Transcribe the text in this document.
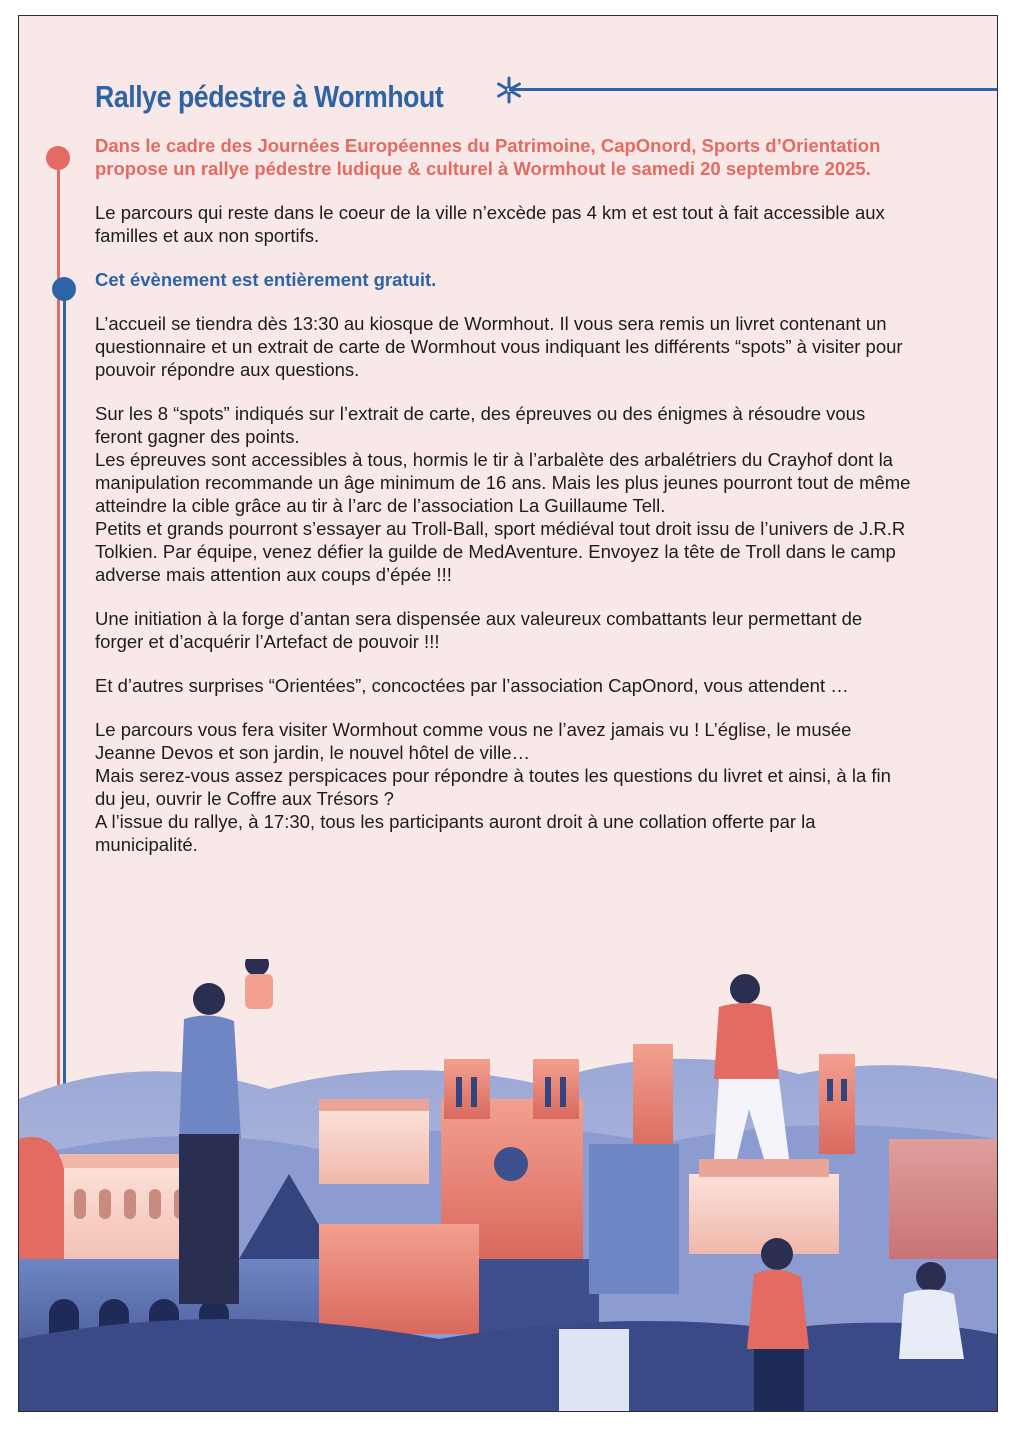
Rallye pédestre à Wormhout

Dans le cadre des Journées Européennes du Patrimoine, CapOnord, Sports d’Orientation propose un rallye pédestre ludique & culturel à Wormhout le samedi 20 septembre 2025.

Le parcours qui reste dans le coeur de la ville n’excède pas 4 km et est tout à fait accessible aux familles et aux non sportifs.

Cet évènement est entièrement gratuit.

L’accueil se tiendra dès 13:30 au kiosque de Wormhout. Il vous sera remis un livret contenant un questionnaire et un extrait de carte de Wormhout vous indiquant les différents “spots” à visiter pour pouvoir répondre aux questions.

Sur les 8 “spots” indiqués sur l’extrait de carte, des épreuves ou des énigmes à résoudre vous feront gagner des points.

Les épreuves sont accessibles à tous, hormis le tir à l’arbalète des arbalétriers du Crayhof dont la manipulation recommande un âge minimum de 16 ans. Mais les plus jeunes pourront tout de même atteindre la cible grâce au tir à l’arc de l’association La Guillaume Tell.

Petits et grands pourront s’essayer au Troll-Ball, sport médiéval tout droit issu de l’univers de J.R.R Tolkien. Par équipe, venez défier la guilde de MedAventure. Envoyez la tête de Troll dans le camp adverse mais attention aux coups d’épée !!!

Une initiation à la forge d’antan sera dispensée aux valeureux combattants leur permettant de forger et d’acquérir l’Artefact de pouvoir !!!

Et d’autres surprises “Orientées”, concoctées par l’association CapOnord, vous attendent …

Le parcours vous fera visiter Wormhout comme vous ne l’avez jamais vu ! L’église, le musée Jeanne Devos et son jardin, le nouvel hôtel de ville…

Mais serez-vous assez perspicaces pour répondre à toutes les questions du livret et ainsi, à la fin du jeu, ouvrir le Coffre aux Trésors ?

A l’issue du rallye, à 17:30, tous les participants auront droit à une collation offerte par la municipalité.
